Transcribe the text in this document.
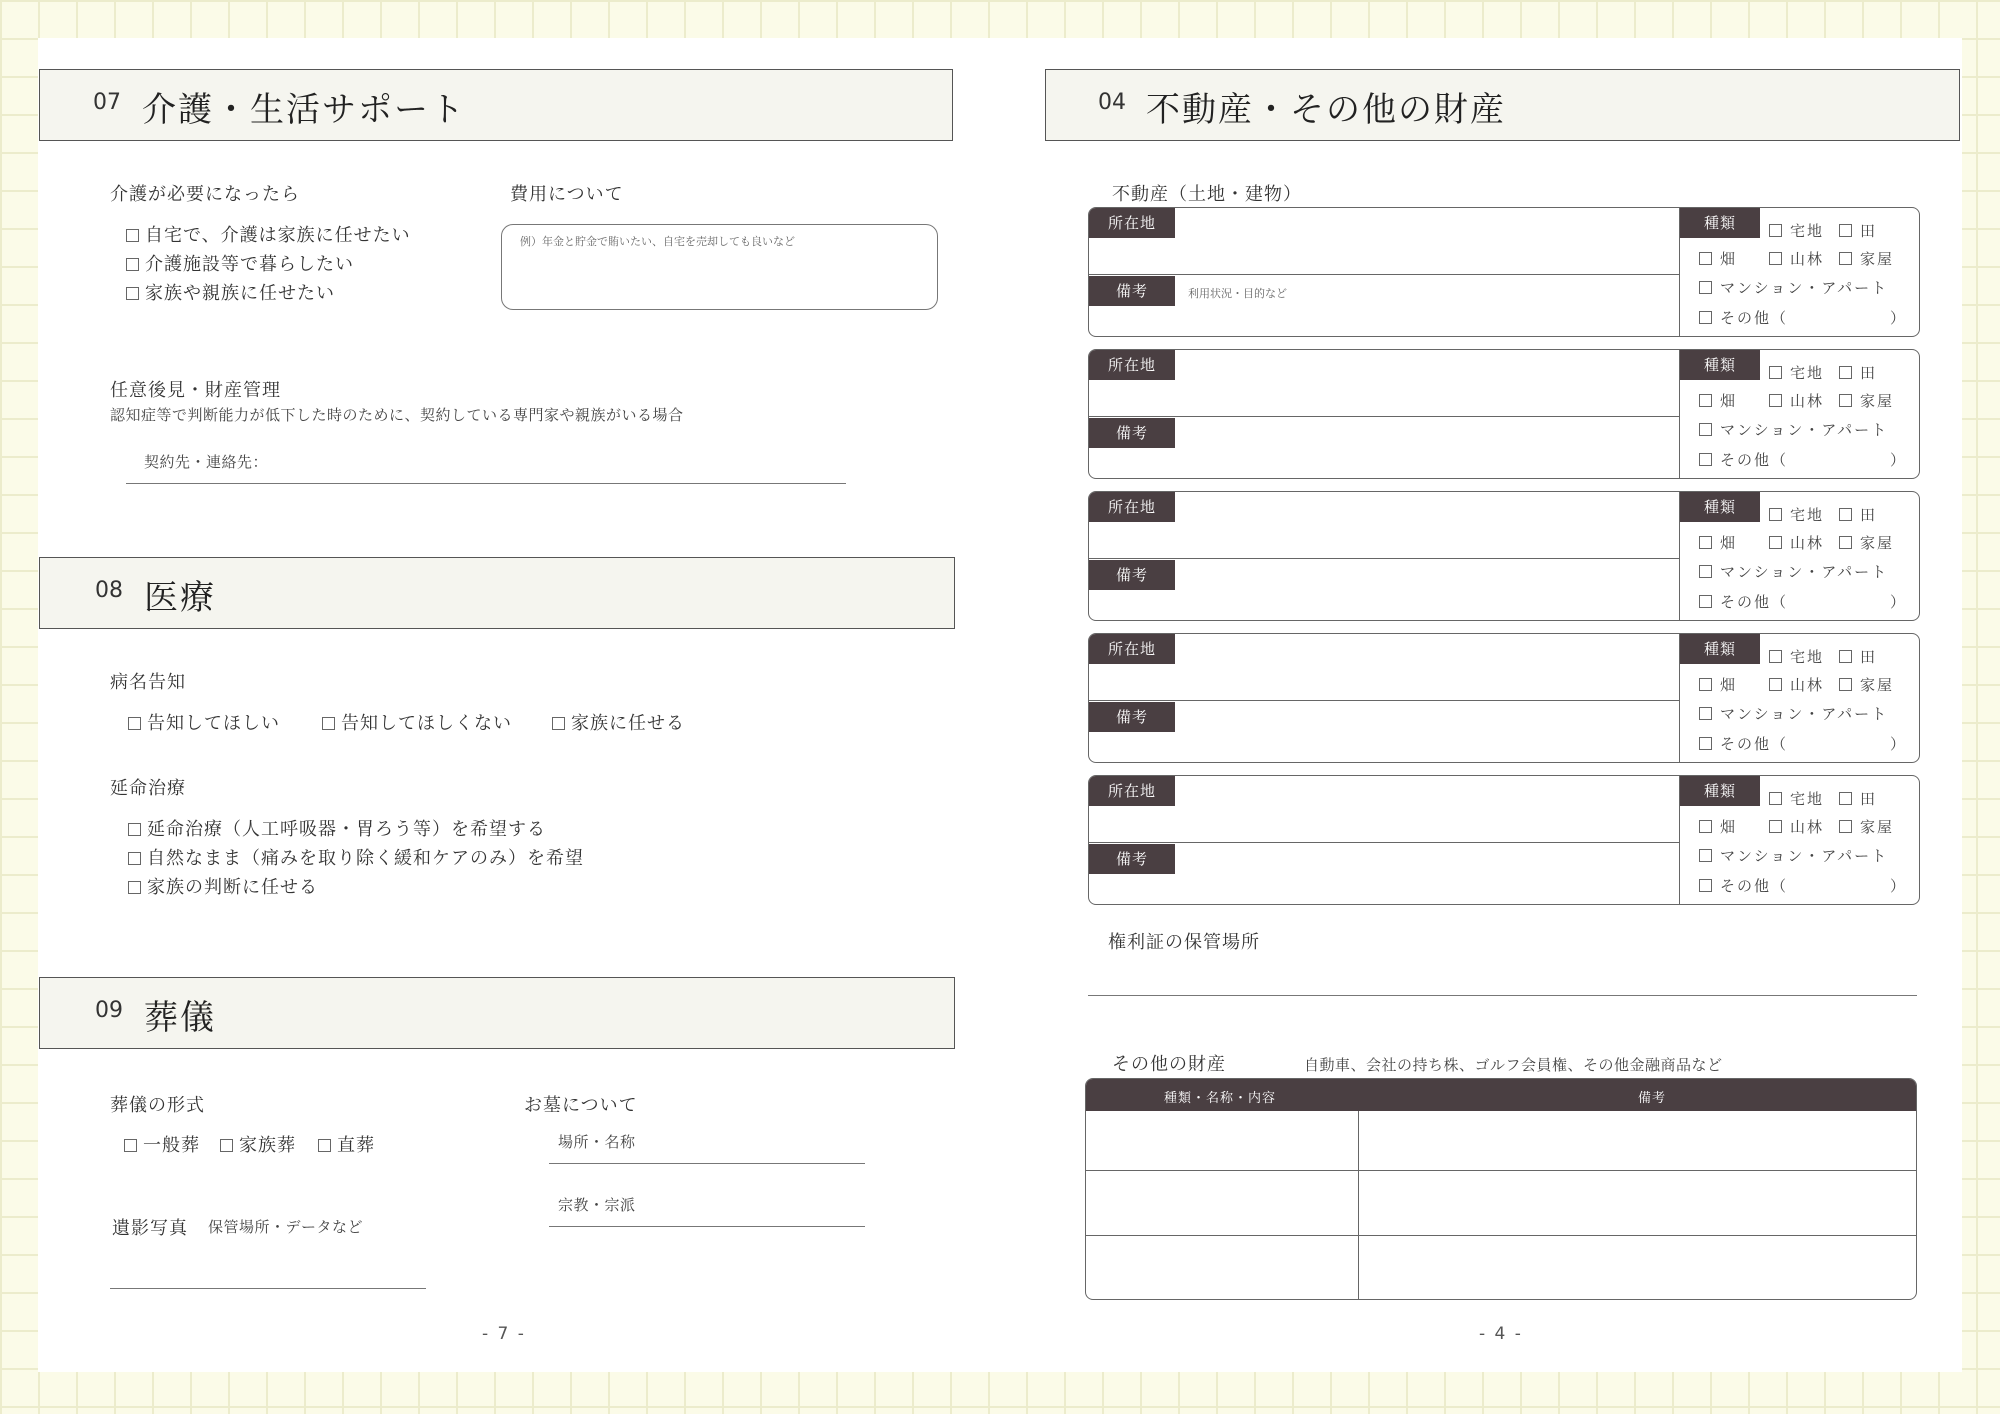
07 介護・生活サポート
介護が必要になったら
自宅で、介護は家族に任せたい
介護施設等で暮らしたい
家族や親族に任せたい
費用について
例）年金と貯金で賄いたい、自宅を売却しても良いなど
任意後見・財産管理
認知症等で判断能力が低下した時のために、契約している専門家や親族がいる場合
契約先・連絡先：
08 医療
病名告知
告知してほしい	告知してほしくない	家族に任せる
延命治療
延命治療（人工呼吸器・胃ろう等）を希望する
自然なまま（痛みを取り除く緩和ケアのみ）を希望
家族の判断に任せる
09 葬儀
葬儀の形式
一般葬	家族葬	直葬
お墓について
場所・名称
宗教・宗派
遺影写真 保管場所・データなど
- 7 -
04 不動産・その他の財産
不動産（土地・建物）
所在地
備考	利用状況・目的など
種類	宅地	田
畑	山林	家屋
マンション・アパート
その他（　　　　　　）
所在地
備考
種類	宅地	田
畑	山林	家屋
マンション・アパート
その他（　　　　　　）
所在地
備考
種類	宅地	田
畑	山林	家屋
マンション・アパート
その他（　　　　　　）
所在地
備考
種類	宅地	田
畑	山林	家屋
マンション・アパート
その他（　　　　　　）
所在地
備考
種類	宅地	田
畑	山林	家屋
マンション・アパート
その他（　　　　　　）
権利証の保管場所
その他の財産	自動車、会社の持ち株、ゴルフ会員権、その他金融商品など
種類・名称・内容	備考
- 4 -
